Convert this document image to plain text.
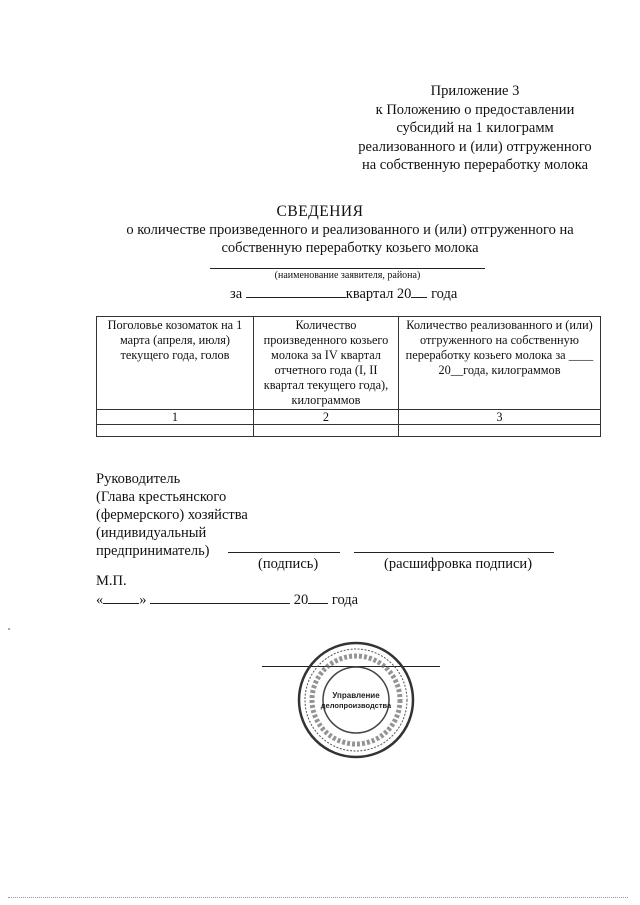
Приложение 3
к Положению о предоставлении
субсидий на 1 килограмм
реализованного и (или) отгруженного
на собственную переработку молока
СВЕДЕНИЯ
о количестве произведенного и реализованного и (или) отгруженного на
собственную переработку козьего молока
(наименование заявителя, района)
за	квартал 20 года
Поголовье козоматок на 1 марта (апреля, июля) текущего года, голов	Количество произведенного козьего молока за IV квартал отчетного года (I, II квартал текущего года), килограммов	Количество реализованного и (или) отгруженного на собственную переработку козьего молока за ____ 20__года, килограммов
1	2	3

Руководитель
(Глава крестьянского
(фермерского) хозяйства
(индивидуальный
предприниматель)
(подпись)	(расшифровка подписи)
М.П.
« »	20 года
Управление
делопроизводства
